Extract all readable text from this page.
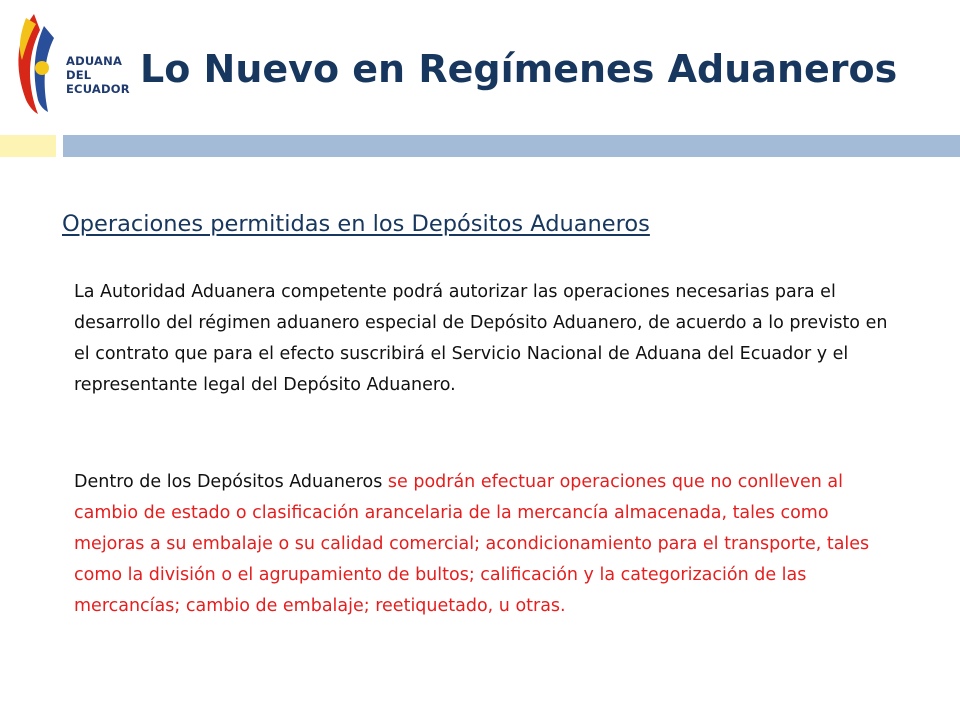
ADUANA
DEL
ECUADOR Lo Nuevo en Regímenes Aduaneros
Operaciones permitidas en los Depósitos Aduaneros

La Autoridad Aduanera competente podrá autorizar las operaciones necesarias para el desarrollo del régimen aduanero especial de Depósito Aduanero, de acuerdo a lo previsto en el contrato que para el efecto suscribirá el Servicio Nacional de Aduana del Ecuador y el representante legal del Depósito Aduanero.

Dentro de los Depósitos Aduaneros se podrán efectuar operaciones que no conlleven al cambio de estado o clasificación arancelaria de la mercancía almacenada, tales como mejoras a su embalaje o su calidad comercial; acondicionamiento para el transporte, tales como la división o el agrupamiento de bultos; calificación y la categorización de las mercancías; cambio de embalaje; reetiquetado, u otras.
